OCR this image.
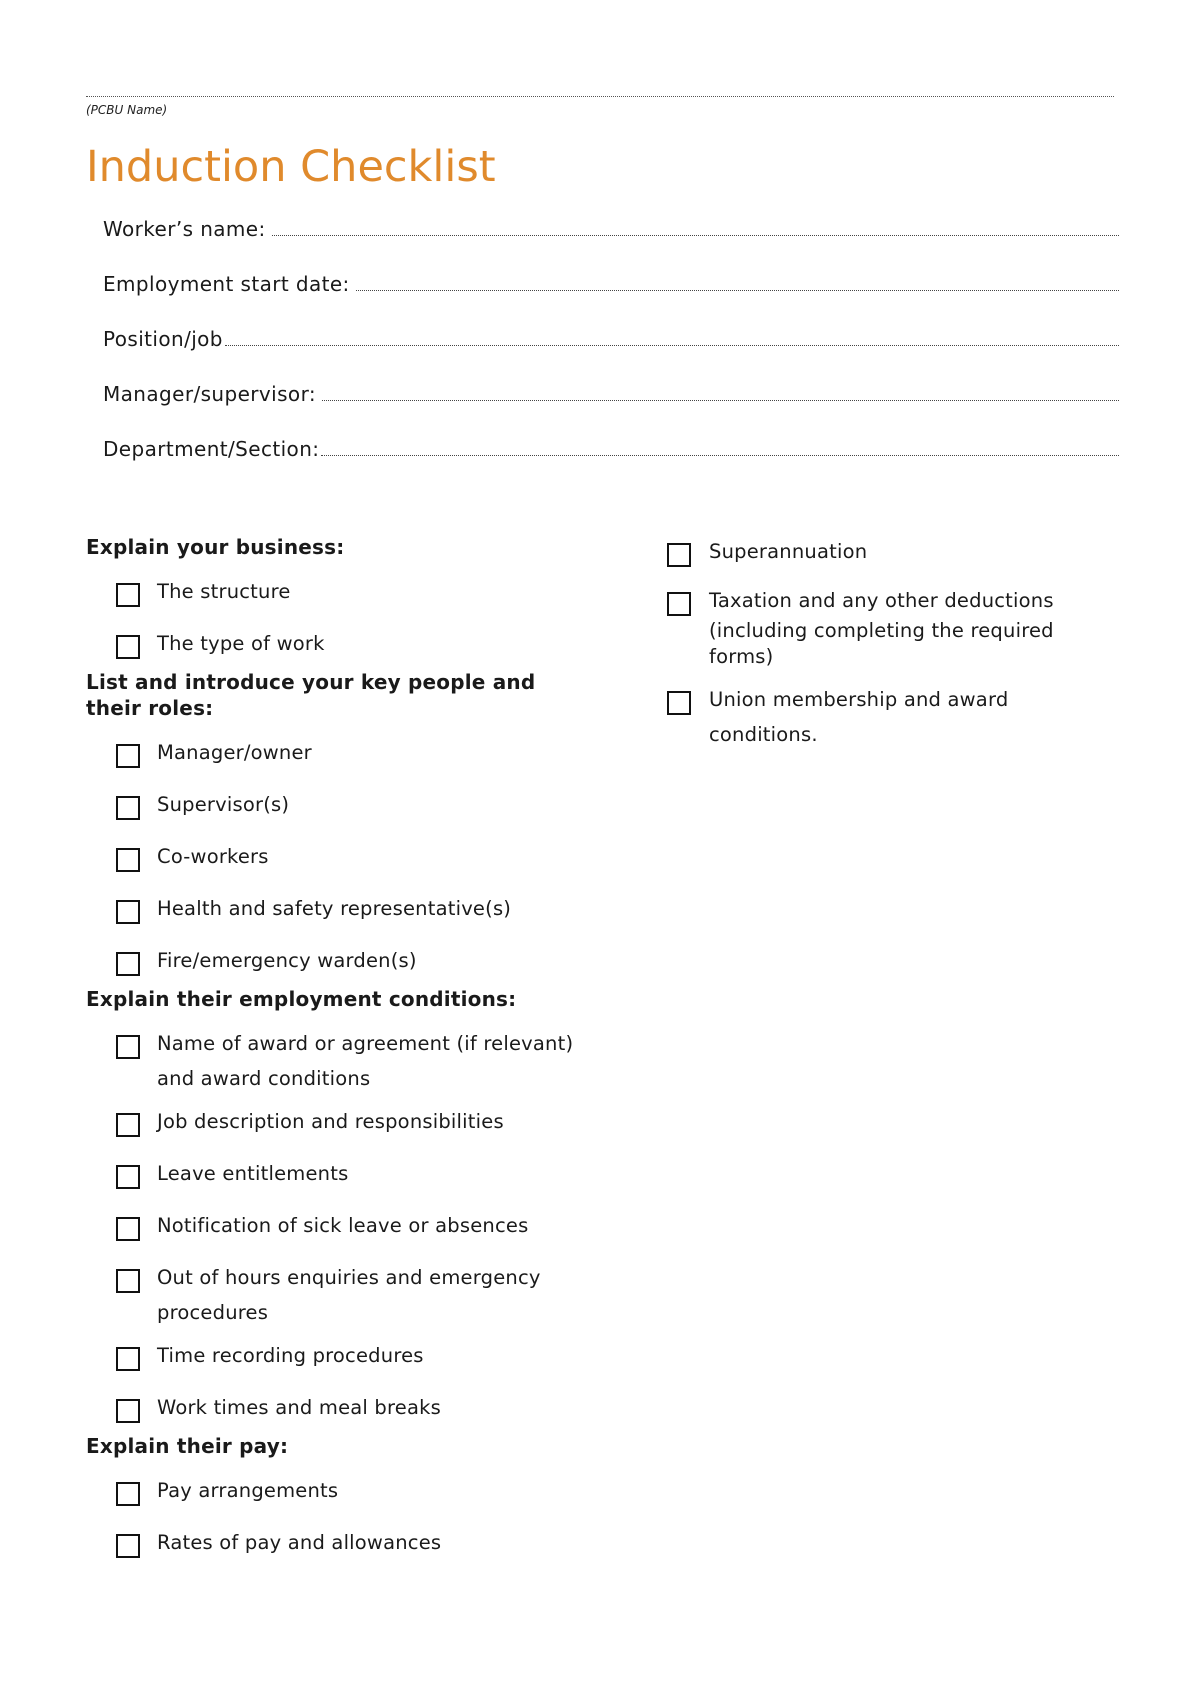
(PCBU Name)
Induction Checklist
Worker’s name:
Employment start date:
Position/job
Manager/supervisor:
Department/Section:
Explain your business:
The structure
The type of work
List and introduce your key people and their roles:
Manager/owner
Supervisor(s)
Co-workers
Health and safety representative(s)
Fire/emergency warden(s)
Explain their employment conditions:
Name of award or agreement (if relevant) and award conditions
Job description and responsibilities
Leave entitlements
Notification of sick leave or absences
Out of hours enquiries and emergency procedures
Time recording procedures
Work times and meal breaks
Explain their pay:
Pay arrangements
Rates of pay and allowances
Superannuation
Taxation and any other deductions
(including completing the required forms)
Union membership and award conditions.
